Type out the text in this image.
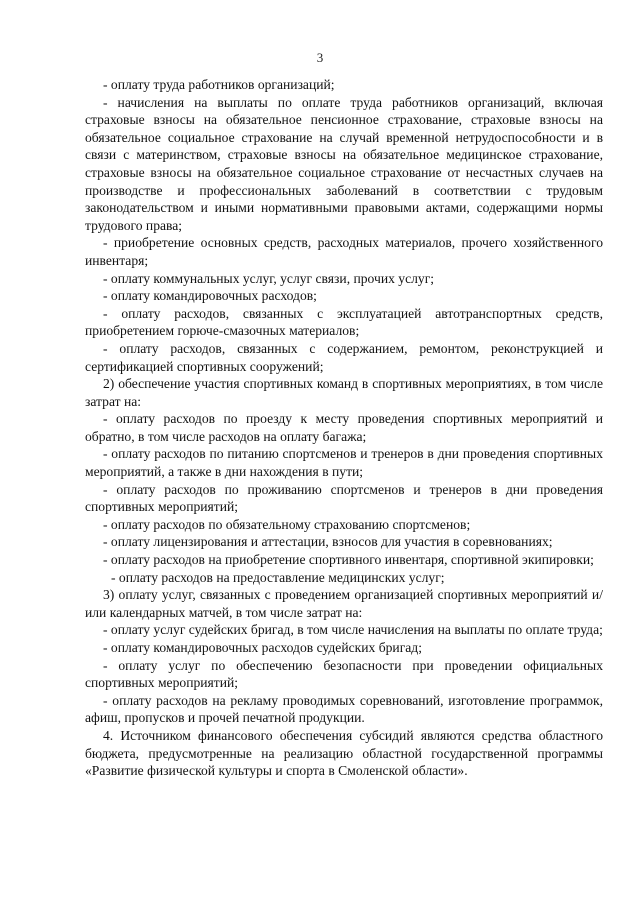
3

- оплату труда работников организаций;

- начисления на выплаты по оплате труда работников организаций, включая страховые взносы на обязательное пенсионное страхование, страховые взносы на обязательное социальное страхование на случай временной нетрудоспособности и в связи с материнством, страховые взносы на обязательное медицинское страхование, страховые взносы на обязательное социальное страхование от несчастных случаев на производстве и профессиональных заболеваний в соответствии с трудовым законодательством и иными нормативными правовыми актами, содержащими нормы трудового права;

- приобретение основных средств, расходных материалов, прочего хозяйственного инвентаря;

- оплату коммунальных услуг, услуг связи, прочих услуг;

- оплату командировочных расходов;

- оплату расходов, связанных с эксплуатацией автотранспортных средств, приобретением горюче-смазочных материалов;

- оплату расходов, связанных с содержанием, ремонтом, реконструкцией и сертификацией спортивных сооружений;

2) обеспечение участия спортивных команд в спортивных мероприятиях, в том числе затрат на:

- оплату расходов по проезду к месту проведения спортивных мероприятий и обратно, в том числе расходов на оплату багажа;

- оплату расходов по питанию спортсменов и тренеров в дни проведения спортивных мероприятий, а также в дни нахождения в пути;

- оплату расходов по проживанию спортсменов и тренеров в дни проведения спортивных мероприятий;

- оплату расходов по обязательному страхованию спортсменов;

- оплату лицензирования и аттестации, взносов для участия в соревнованиях;

- оплату расходов на приобретение спортивного инвентаря, спортивной экипировки;

- оплату расходов на предоставление медицинских услуг;

3) оплату услуг, связанных с проведением организацией спортивных мероприятий и/или календарных матчей, в том числе затрат на:

- оплату услуг судейских бригад, в том числе начисления на выплаты по оплате труда;

- оплату командировочных расходов судейских бригад;

- оплату услуг по обеспечению безопасности при проведении официальных спортивных мероприятий;

- оплату расходов на рекламу проводимых соревнований, изготовление программок, афиш, пропусков и прочей печатной продукции.

4. Источником финансового обеспечения субсидий являются средства областного бюджета, предусмотренные на реализацию областной государственной программы «Развитие физической культуры и спорта в Смоленской области».
